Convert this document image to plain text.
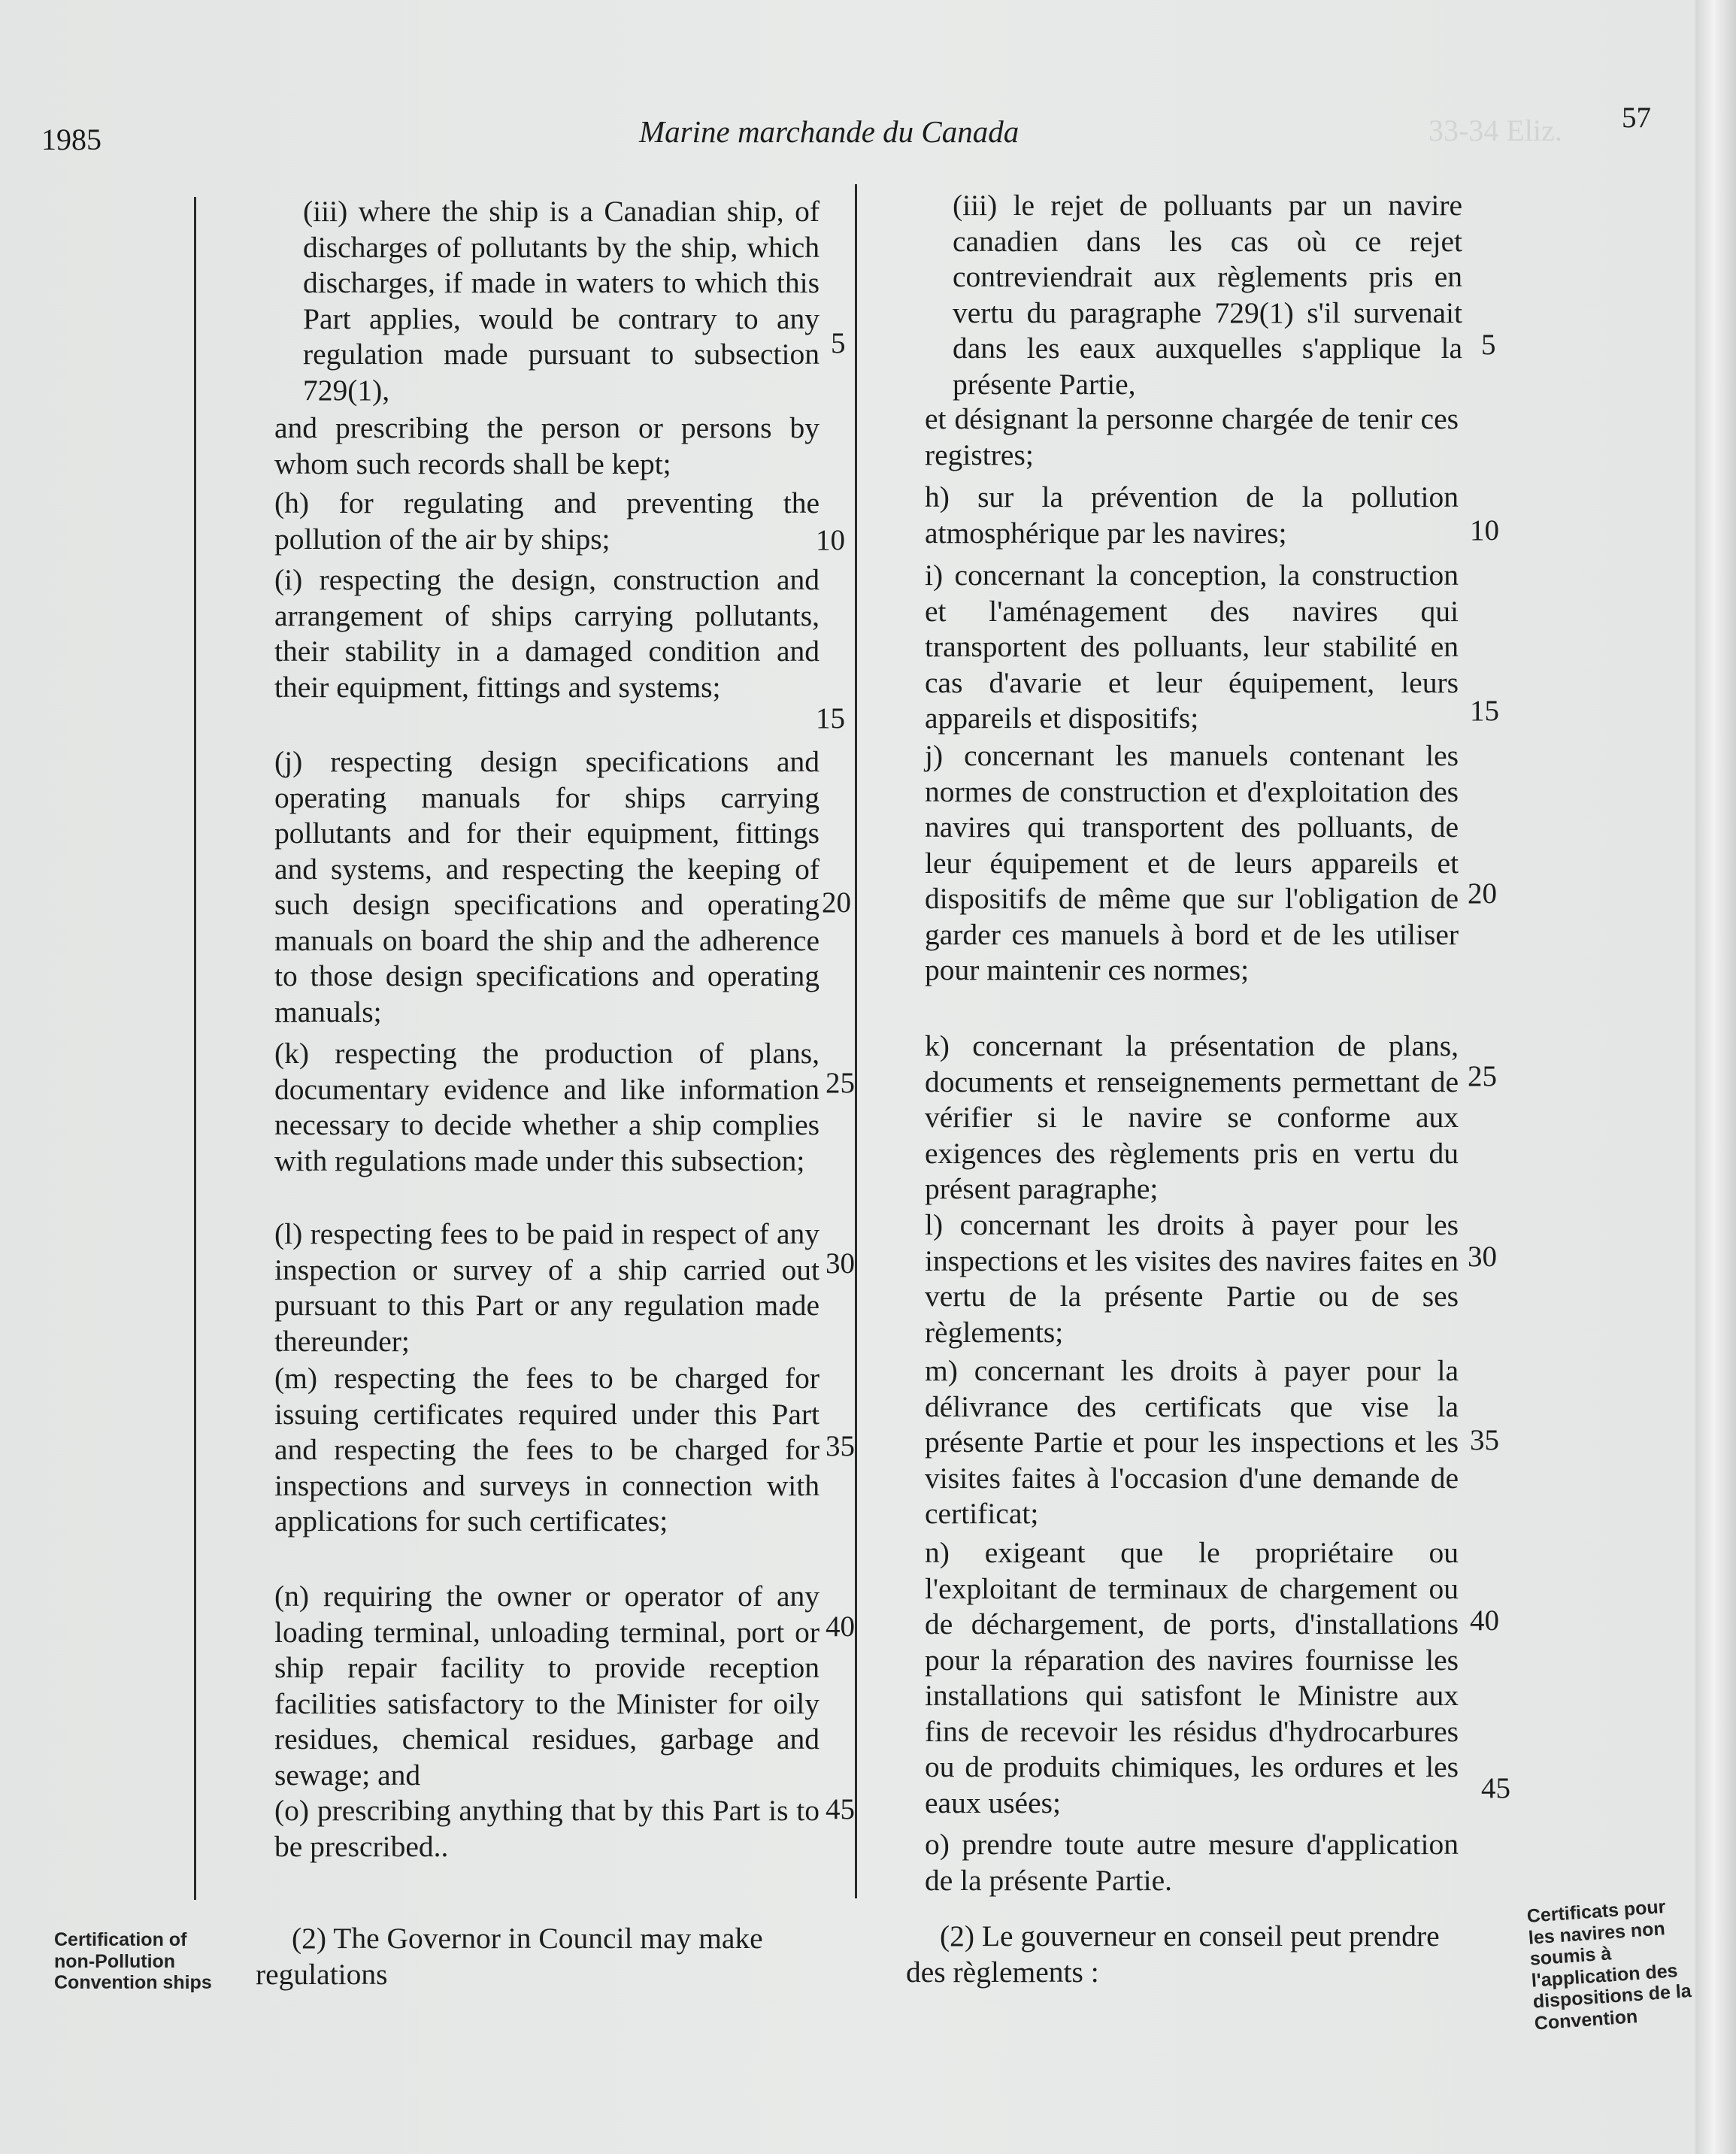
33-34 Eliz.
1985	Marine marchande du Canada	57
(iii) where the ship is a Canadian ship, of discharges of pollutants by the ship, which discharges, if made in waters to which this Part applies, would be contrary to any regulation made pursuant to subsection 729(1),
and prescribing the person or persons by whom such records shall be kept;
(h) for regulating and preventing the pollution of the air by ships;
(i) respecting the design, construction and arrangement of ships carrying pollutants, their stability in a damaged condition and their equipment, fittings and systems;
(j) respecting design specifications and operating manuals for ships carrying pollutants and for their equipment, fittings and systems, and respecting the keeping of such design specifications and operating manuals on board the ship and the adherence to those design specifications and operating manuals;
(k) respecting the production of plans, documentary evidence and like information necessary to decide whether a ship complies with regulations made under this subsection;
(l) respecting fees to be paid in respect of any inspection or survey of a ship carried out pursuant to this Part or any regulation made thereunder;
(m) respecting the fees to be charged for issuing certificates required under this Part and respecting the fees to be charged for inspections and surveys in connection with applications for such certificates;
(n) requiring the owner or operator of any loading terminal, unloading terminal, port or ship repair facility to provide reception facilities satisfactory to the Minister for oily residues, chemical residues, garbage and sewage; and
(o) prescribing anything that by this Part is to be prescribed..
(2) The Governor in Council may make regulations
(iii) le rejet de polluants par un navire canadien dans les cas où ce rejet contreviendrait aux règlements pris en vertu du paragraphe 729(1) s'il survenait dans les eaux auxquelles s'applique la présente Partie,
et désignant la personne chargée de tenir ces registres;
h) sur la prévention de la pollution atmosphérique par les navires;
i) concernant la conception, la construction et l'aménagement des navires qui transportent des polluants, leur stabilité en cas d'avarie et leur équipement, leurs appareils et dispositifs;
j) concernant les manuels contenant les normes de construction et d'exploitation des navires qui transportent des polluants, de leur équipement et de leurs appareils et dispositifs de même que sur l'obligation de garder ces manuels à bord et de les utiliser pour maintenir ces normes;
k) concernant la présentation de plans, documents et renseignements permettant de vérifier si le navire se conforme aux exigences des règlements pris en vertu du présent paragraphe;
l) concernant les droits à payer pour les inspections et les visites des navires faites en vertu de la présente Partie ou de ses règlements;
m) concernant les droits à payer pour la délivrance des certificats que vise la présente Partie et pour les inspections et les visites faites à l'occasion d'une demande de certificat;
n) exigeant que le propriétaire ou l'exploitant de terminaux de chargement ou de déchargement, de ports, d'installations pour la réparation des navires fournisse les installations qui satisfont le Ministre aux fins de recevoir les résidus d'hydrocarbures ou de produits chimiques, les ordures et les eaux usées;
o) prendre toute autre mesure d'application de la présente Partie.
(2) Le gouverneur en conseil peut prendre des règlements :
5
10
15
20
25
30
35
40
45
5
10
15
20
25
30
35
40
45
Certification of non-Pollution Convention ships
Certificats pour les navires non soumis à l'application des dispositions de la Convention
